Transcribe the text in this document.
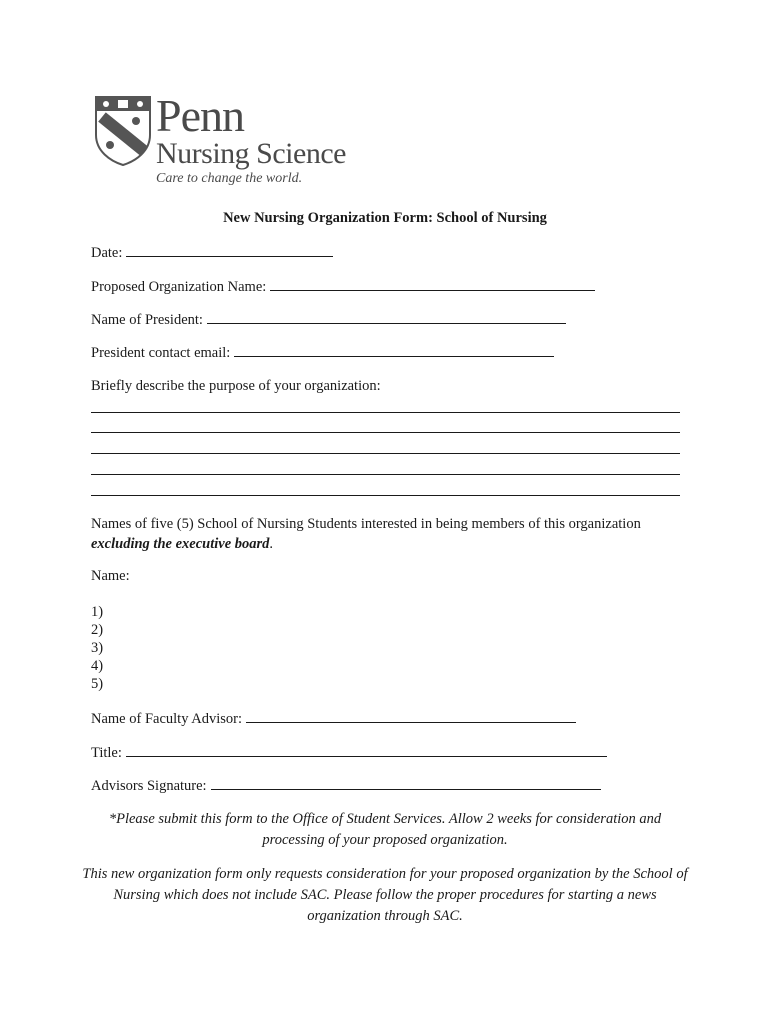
Penn
Nursing Science
Care to change the world.
New Nursing Organization Form: School of Nursing
Date:
Proposed Organization Name:
Name of President:
President contact email:
Briefly describe the purpose of your organization:
Names of five (5) School of Nursing Students interested in being members of this organization
excluding the executive board.
Name:
1)
2)
3)
4)
5)
Name of Faculty Advisor:
Title:
Advisors Signature:
*Please submit this form to the Office of Student Services. Allow 2 weeks for consideration and processing of your proposed organization.
This new organization form only requests consideration for your proposed organization by the School of Nursing which does not include SAC. Please follow the proper procedures for starting a news organization through SAC.
